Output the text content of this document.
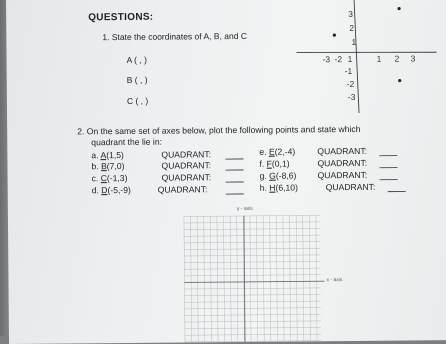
QUESTIONS:
1. State the coordinates of A, B, and C
A ( , )
B ( , )
C ( , )
-3 -2 1	1 2 3
3
2
1
-1
-2
-3
2. On the same set of axes below, plot the following points and state which
quadrant the lie in:
a. A(1,5)	QUADRANT:
b. B(7,0)	QUADRANT:
c. C(-1,3)	QUADRANT:
d. D(-5,-9)	QUADRANT:
e. E(2,-4)	QUADRANT:
f. F(0,1)	QUADRANT:
g. G(-8,6) QUADRANT:
h. H(6,10)	QUADRANT:
y - axis
x - axis
